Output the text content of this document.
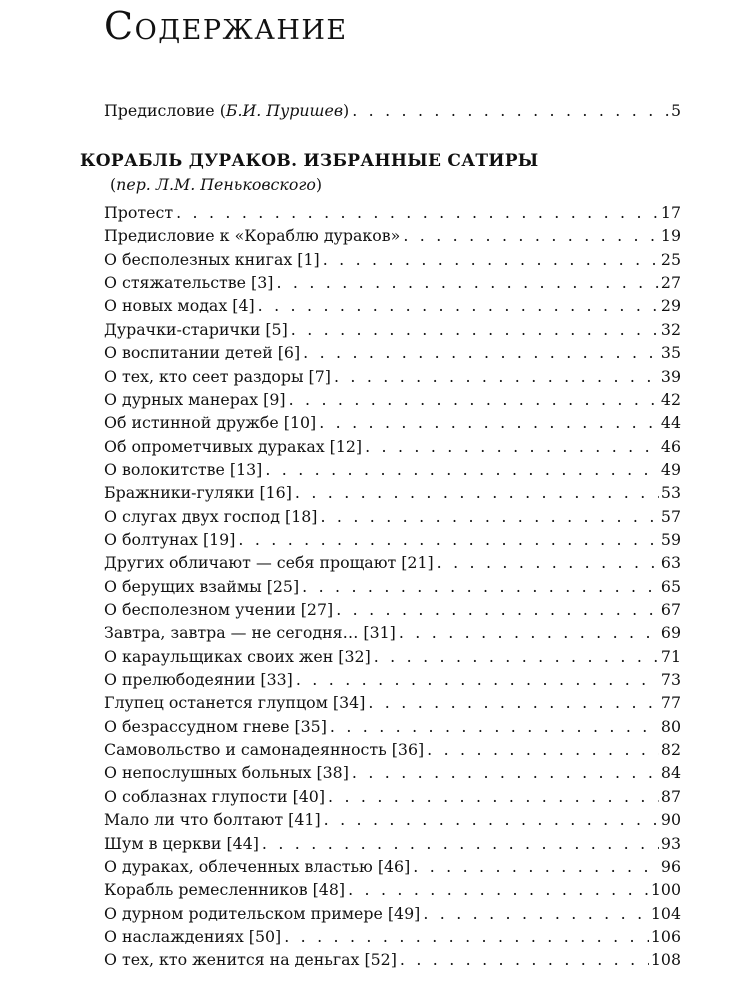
Содержание
Предисловие (Б.И. Пуришев) . . .	5
КОРАБЛЬ ДУРАКОВ. ИЗБРАННЫЕ САТИРЫ
(пер. Л.М. Пеньковского)
Протест . . .	17
Предисловие к «Кораблю дураков» . . .	19
О бесполезных книгах [1] . . .	25
О стяжательстве [3] . . .	27
О новых модах [4] . . .	29
Дурачки-старички [5] . . .	32
О воспитании детей [6] . . .	35
О тех, кто сеет раздоры [7] . . .	39
О дурных манерах [9] . . .	42
Об истинной дружбе [10] . . .	44
Об опрометчивых дураках [12] . . .	46
О волокитстве [13] . . .	49
Бражники-гуляки [16] . . .	53
О слугах двух господ [18] . . .	57
О болтунах [19] . . .	59
Других обличают — себя прощают [21] . . .	63
О берущих взаймы [25] . . .	65
О бесполезном учении [27] . . .	67
Завтра, завтра — не сегодня… [31] . . .	69
О караульщиках своих жен [32] . . .	71
О прелюбодеянии [33] . . .	73
Глупец останется глупцом [34] . . .	77
О безрассудном гневе [35] . . .	80
Самовольство и самонадеянность [36] . . .	82
О непослушных больных [38] . . .	84
О соблазнах глупости [40] . . .	87
Мало ли что болтают [41] . . .	90
Шум в церкви [44] . . .	93
О дураках, облеченных властью [46] . . .	96
Корабль ремесленников [48] . . .	100
О дурном родительском примере [49] . . .	104
О наслаждениях [50] . . .	106
О тех, кто женится на деньгах [52] . . .	108
